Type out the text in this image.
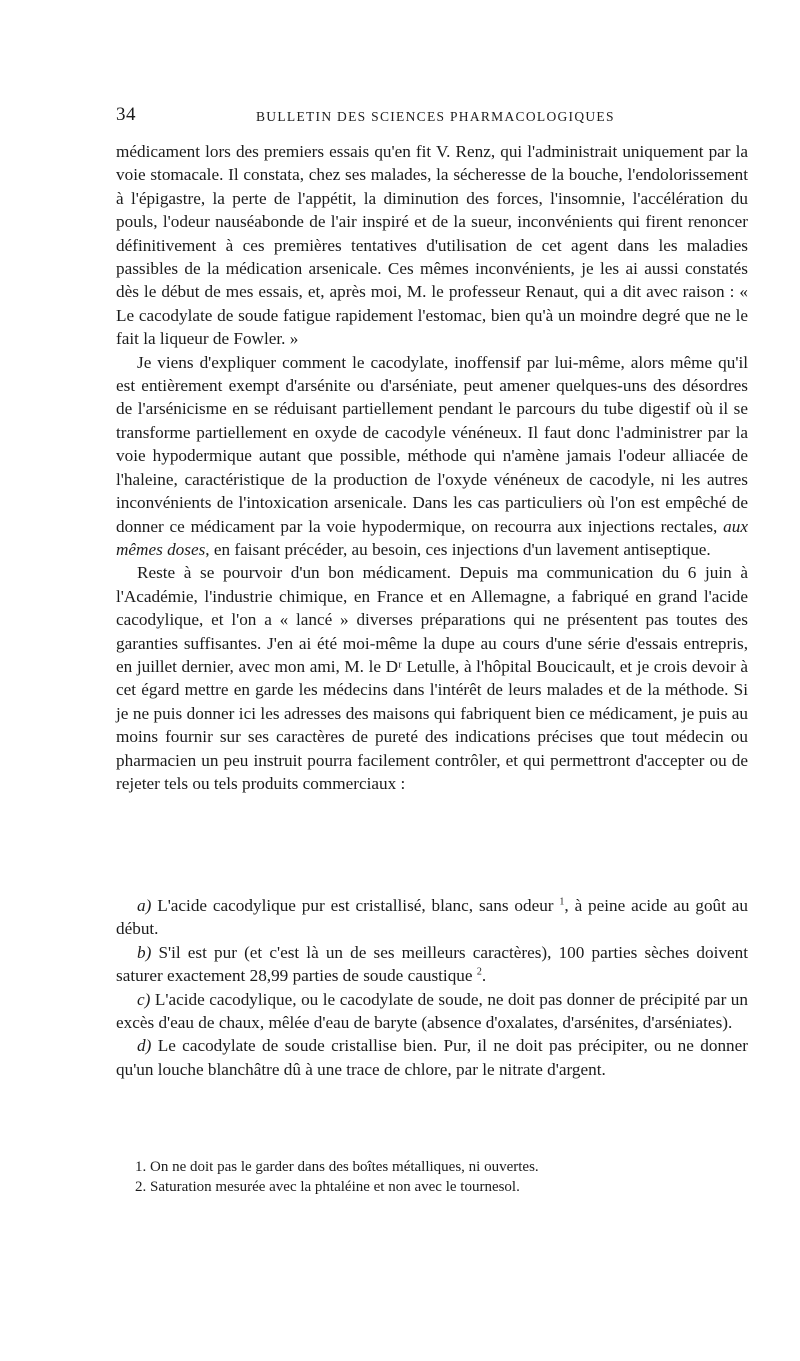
34	BULLETIN DES SCIENCES PHARMACOLOGIQUES

médicament lors des premiers essais qu'en fit V. Renz, qui l'administrait uniquement par la voie stomacale. Il constata, chez ses malades, la sécheresse de la bouche, l'endolorissement à l'épigastre, la perte de l'appétit, la diminution des forces, l'insomnie, l'accélération du pouls, l'odeur nauséabonde de l'air inspiré et de la sueur, inconvénients qui firent renoncer définitivement à ces premières tentatives d'utilisation de cet agent dans les maladies passibles de la médication arsenicale. Ces mêmes inconvénients, je les ai aussi constatés dès le début de mes essais, et, après moi, M. le professeur Renaut, qui a dit avec raison : « Le cacodylate de soude fatigue rapidement l'estomac, bien qu'à un moindre degré que ne le fait la liqueur de Fowler. »

Je viens d'expliquer comment le cacodylate, inoffensif par lui-même, alors même qu'il est entièrement exempt d'arsénite ou d'arséniate, peut amener quelques-uns des désordres de l'arsénicisme en se réduisant partiellement pendant le parcours du tube digestif où il se transforme partiellement en oxyde de cacodyle vénéneux. Il faut donc l'administrer par la voie hypodermique autant que possible, méthode qui n'amène jamais l'odeur alliacée de l'haleine, caractéristique de la production de l'oxyde vénéneux de cacodyle, ni les autres inconvénients de l'intoxication arsenicale. Dans les cas particuliers où l'on est empêché de donner ce médicament par la voie hypodermique, on recourra aux injections rectales, aux mêmes doses, en faisant précéder, au besoin, ces injections d'un lavement antiseptique.

Reste à se pourvoir d'un bon médicament. Depuis ma communication du 6 juin à l'Académie, l'industrie chimique, en France et en Allemagne, a fabriqué en grand l'acide cacodylique, et l'on a « lancé » diverses préparations qui ne présentent pas toutes des garanties suffisantes. J'en ai été moi-même la dupe au cours d'une série d'essais entrepris, en juillet dernier, avec mon ami, M. le Dʳ Letulle, à l'hôpital Boucicault, et je crois devoir à cet égard mettre en garde les médecins dans l'intérêt de leurs malades et de la méthode. Si je ne puis donner ici les adresses des maisons qui fabriquent bien ce médicament, je puis au moins fournir sur ses caractères de pureté des indications précises que tout médecin ou pharmacien un peu instruit pourra facilement contrôler, et qui permettront d'accepter ou de rejeter tels ou tels produits commerciaux :

a) L'acide cacodylique pur est cristallisé, blanc, sans odeur $^1$, à peine acide au goût au début.

b) S'il est pur (et c'est là un de ses meilleurs caractères), 100 parties sèches doivent saturer exactement 28,99 parties de soude caustique $^2$.

c) L'acide cacodylique, ou le cacodylate de soude, ne doit pas donner de précipité par un excès d'eau de chaux, mêlée d'eau de baryte (absence d'oxalates, d'arsénites, d'arséniates).

d) Le cacodylate de soude cristallise bien. Pur, il ne doit pas précipiter, ou ne donner qu'un louche blanchâtre dû à une trace de chlore, par le nitrate d'argent.

1. On ne doit pas le garder dans des boîtes métalliques, ni ouvertes.

2. Saturation mesurée avec la phtaléine et non avec le tournesol.
